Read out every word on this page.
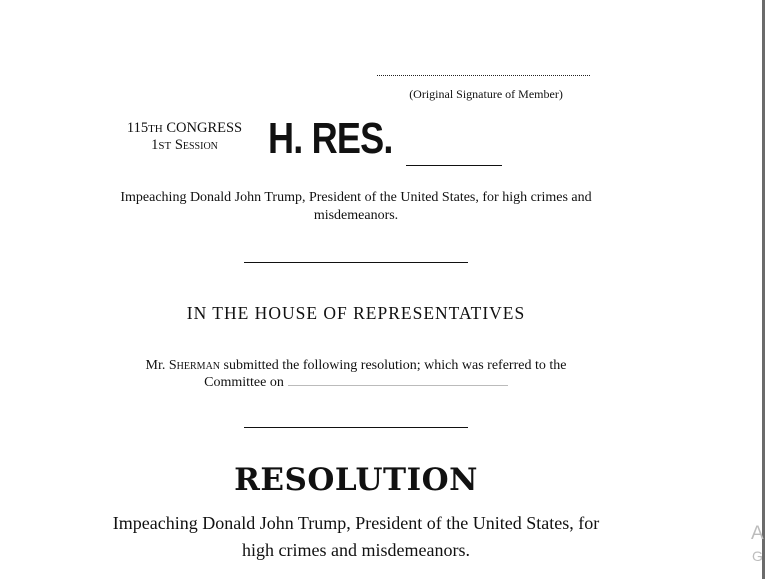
(Original Signature of Member)
115TH CONGRESS
1ST Session	H. RES.
Impeaching Donald John Trump, President of the United States, for high crimes and misdemeanors.
IN THE HOUSE OF REPRESENTATIVES
Mr. Sherman submitted the following resolution; which was referred to the
Committee on
RESOLUTION
Impeaching Donald John Trump, President of the United States, for high crimes and misdemeanors.
A
G
